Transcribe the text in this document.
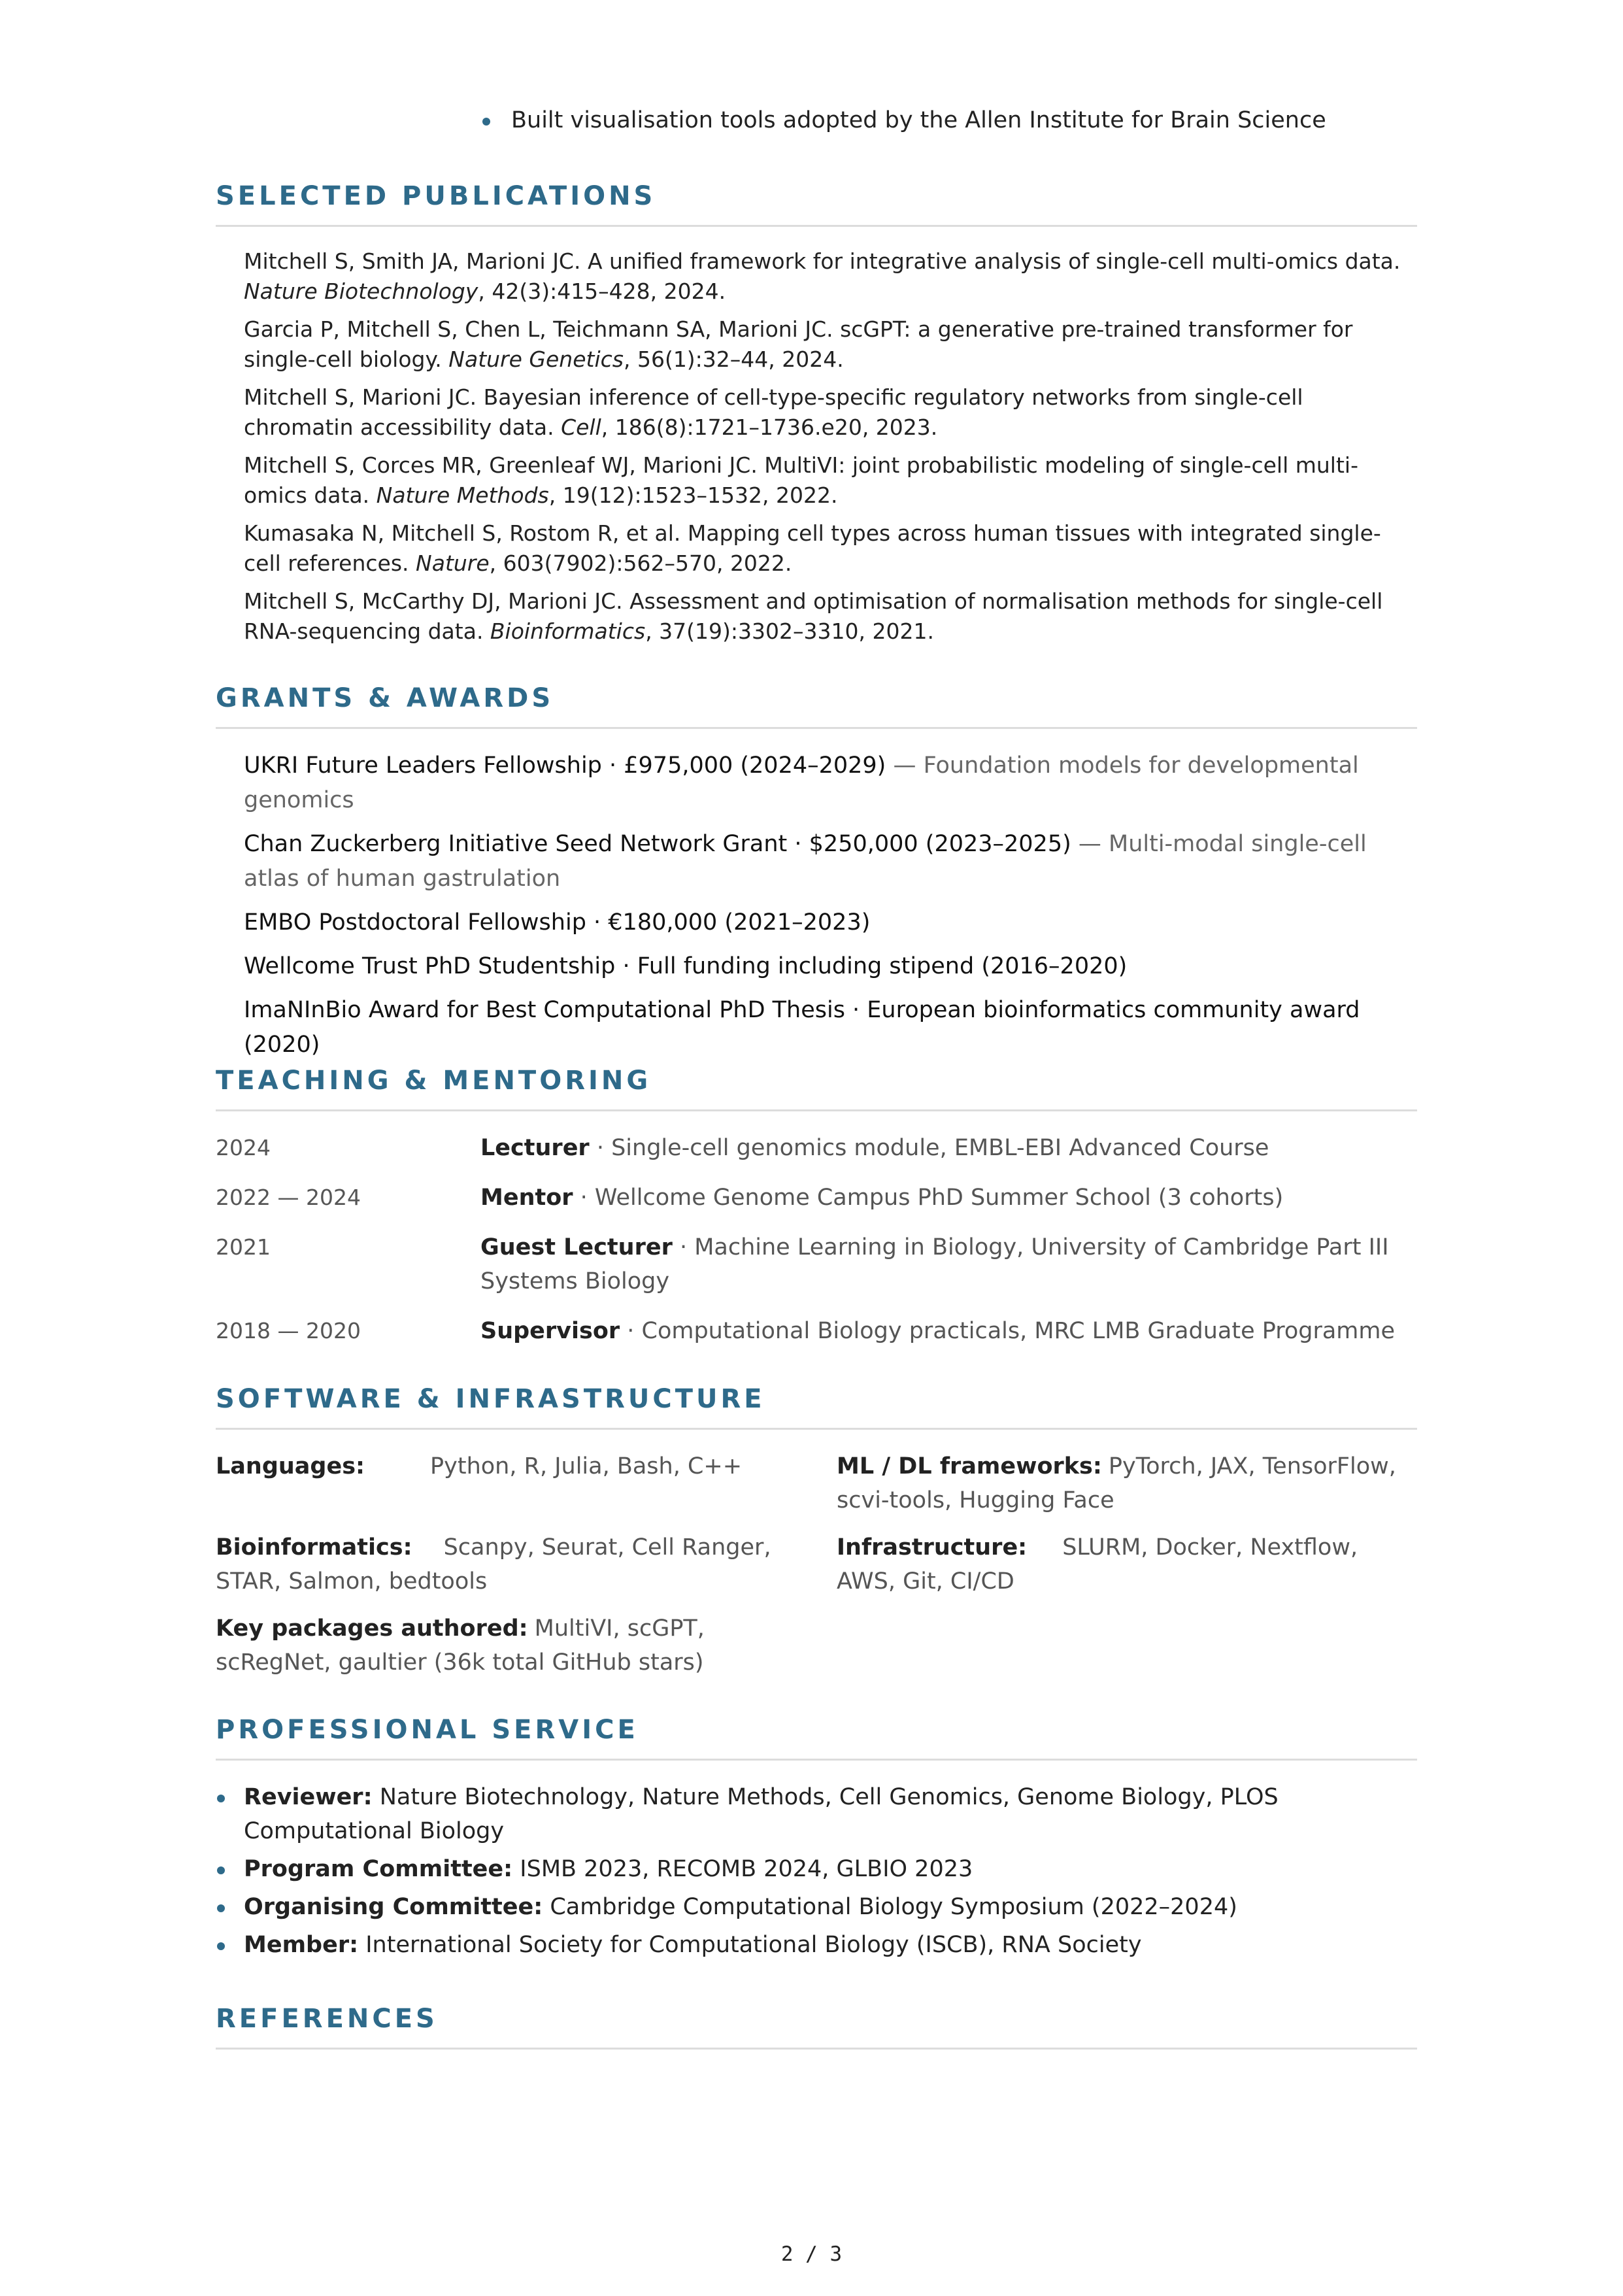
Built visualisation tools adopted by the Allen Institute for Brain Science
SELECTED PUBLICATIONS
Mitchell S, Smith JA, Marioni JC. A unified framework for integrative analysis of single-cell multi-omics data. Nature Biotechnology, 42(3):415–428, 2024.
Garcia P, Mitchell S, Chen L, Teichmann SA, Marioni JC. scGPT: a generative pre-trained transformer for single-cell biology. Nature Genetics, 56(1):32–44, 2024.
Mitchell S, Marioni JC. Bayesian inference of cell-type-specific regulatory networks from single-cell chromatin accessibility data. Cell, 186(8):1721–1736.e20, 2023.
Mitchell S, Corces MR, Greenleaf WJ, Marioni JC. MultiVI: joint probabilistic modeling of single-cell multi-omics data. Nature Methods, 19(12):1523–1532, 2022.
Kumasaka N, Mitchell S, Rostom R, et al. Mapping cell types across human tissues with integrated single-cell references. Nature, 603(7902):562–570, 2022.
Mitchell S, McCarthy DJ, Marioni JC. Assessment and optimisation of normalisation methods for single-cell RNA-sequencing data. Bioinformatics, 37(19):3302–3310, 2021.
GRANTS & AWARDS
UKRI Future Leaders Fellowship · £975,000 (2024–2029) — Foundation models for developmental genomics
Chan Zuckerberg Initiative Seed Network Grant · $250,000 (2023–2025) — Multi-modal single-cell atlas of human gastrulation
EMBO Postdoctoral Fellowship · €180,000 (2021–2023)
Wellcome Trust PhD Studentship · Full funding including stipend (2016–2020)
ImaNInBio Award for Best Computational PhD Thesis · European bioinformatics community award (2020)
TEACHING & MENTORING
2024	Lecturer · Single-cell genomics module, EMBL-EBI Advanced Course
2022 — 2024	Mentor · Wellcome Genome Campus PhD Summer School (3 cohorts)
2021	Guest Lecturer · Machine Learning in Biology, University of Cambridge Part III Systems Biology
2018 — 2020	Supervisor · Computational Biology practicals, MRC LMB Graduate Programme
SOFTWARE & INFRASTRUCTURE
Languages:	Python, R, Julia, Bash, C++	ML / DL frameworks: PyTorch, JAX, TensorFlow, scvi-tools, Hugging Face
Bioinformatics: Scanpy, Seurat, Cell Ranger, STAR, Salmon, bedtools
Infrastructure: SLURM, Docker, Nextflow, AWS, Git, CI/CD
Key packages authored: MultiVI, scGPT, scRegNet, gaultier (36k total GitHub stars)
PROFESSIONAL SERVICE
Reviewer: Nature Biotechnology, Nature Methods, Cell Genomics, Genome Biology, PLOS Computational Biology
Program Committee: ISMB 2023, RECOMB 2024, GLBIO 2023
Organising Committee: Cambridge Computational Biology Symposium (2022–2024)
Member: International Society for Computational Biology (ISCB), RNA Society
REFERENCES
2 / 3
